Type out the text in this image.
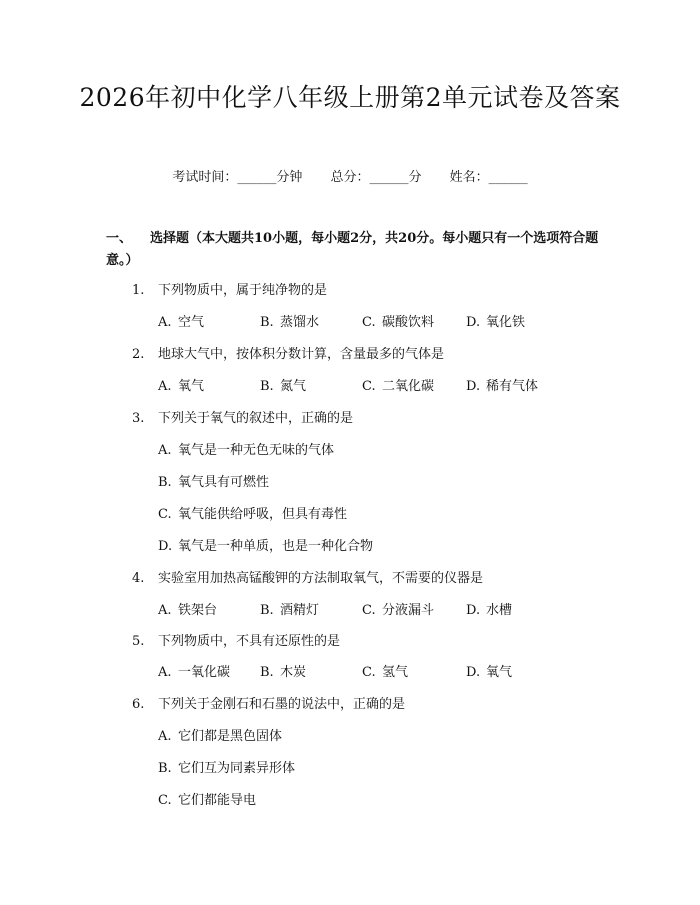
2026年初中化学八年级上册第2单元试卷及答案
考试时间：______分钟 总分：______分 姓名：______
一、 选择题（本大题共10小题，每小题2分，共20分。每小题只有一个选项符合题意。）
1. 下列物质中，属于纯净物的是
A. 空气	B. 蒸馏水	C. 碳酸饮料 D. 氧化铁
2. 地球大气中，按体积分数计算，含量最多的气体是
A. 氧气	B. 氮气	C. 二氧化碳 D. 稀有气体
3. 下列关于氧气的叙述中，正确的是
A. 氧气是一种无色无味的气体
B. 氧气具有可燃性
C. 氧气能供给呼吸，但具有毒性
D. 氧气是一种单质，也是一种化合物
4. 实验室用加热高锰酸钾的方法制取氧气，不需要的仪器是
A. 铁架台	B. 酒精灯	C. 分液漏斗 D. 水槽
5. 下列物质中，不具有还原性的是
A. 一氧化碳 B. 木炭	C. 氢气	D. 氧气
6. 下列关于金刚石和石墨的说法中，正确的是
A. 它们都是黑色固体
B. 它们互为同素异形体
C. 它们都能导电
